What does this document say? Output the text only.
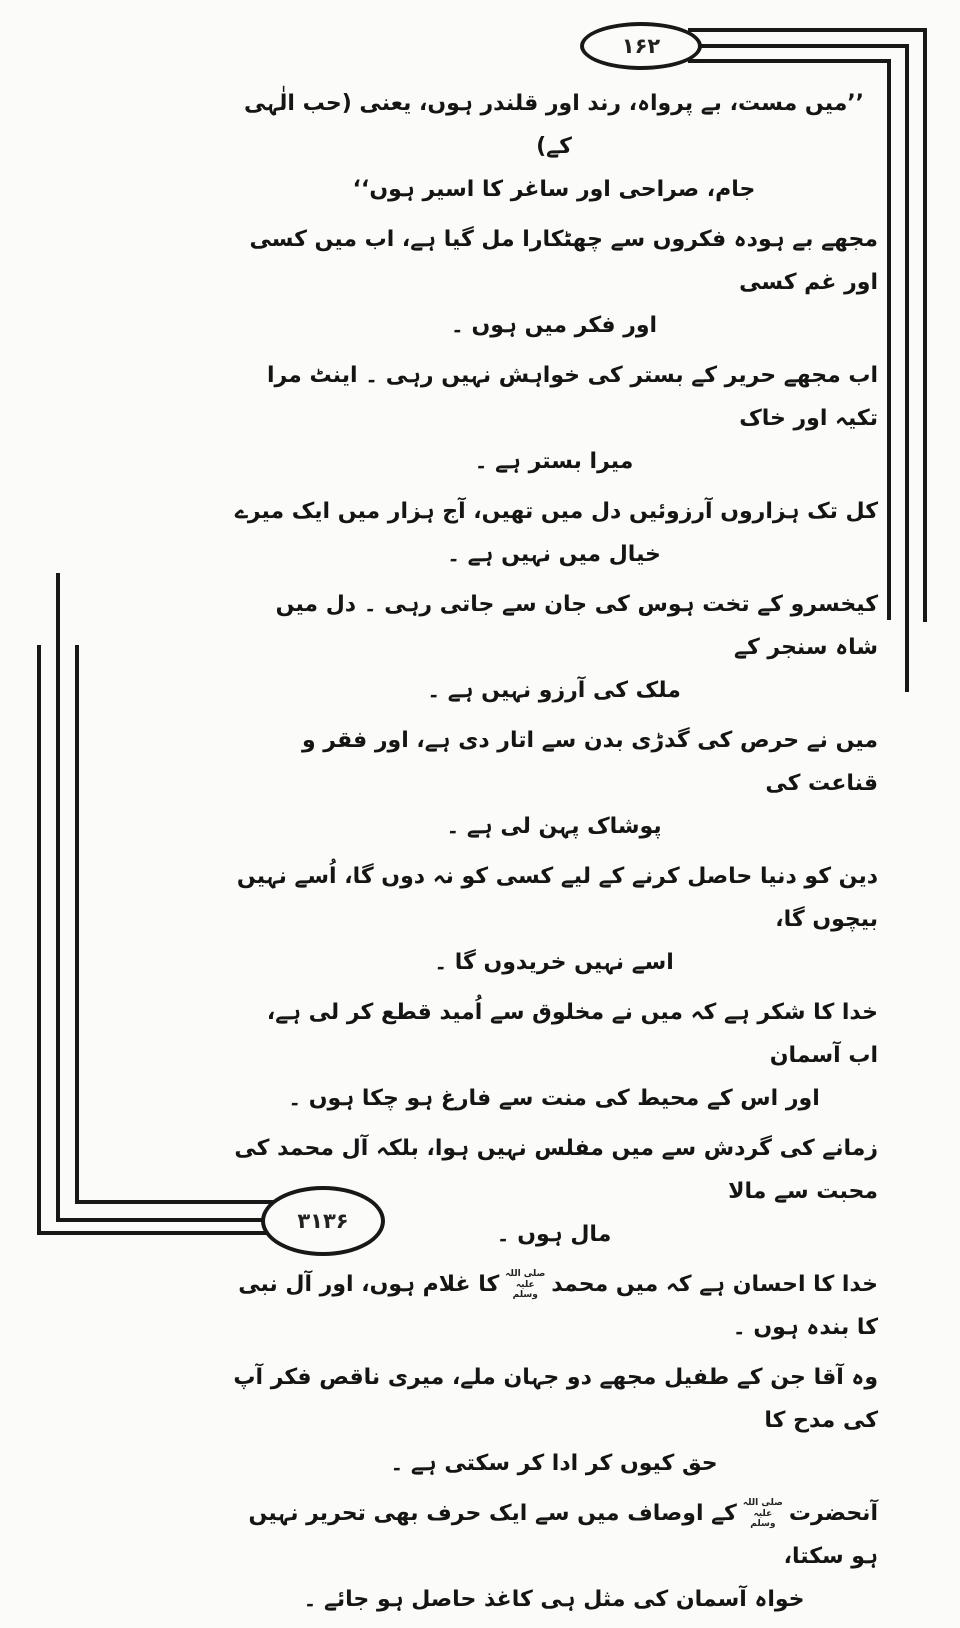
۱۶۲
۳۱۳۶
’’میں مست، بے پرواہ، رند اور قلندر ہوں، یعنی (حب الٰہی کے)
جام، صراحی اور ساغر کا اسیر ہوں‘‘
مجھے بے ہودہ فکروں سے چھٹکارا مل گیا ہے، اب میں کسی اور غم کسی
اور فکر میں ہوں ۔
اب مجھے حریر کے بستر کی خواہش نہیں رہی ۔ اینٹ مرا تکیہ اور خاک
میرا بستر ہے ۔
کل تک ہزاروں آرزوئیں دل میں تھیں، آج ہزار میں ایک میرے
خیال میں نہیں ہے ۔
کیخسرو کے تخت ہوس کی جان سے جاتی رہی ۔ دل میں شاہ سنجر کے
ملک کی آرزو نہیں ہے ۔
میں نے حرص کی گدڑی بدن سے اتار دی ہے، اور فقر و قناعت کی
پوشاک پہن لی ہے ۔
دین کو دنیا حاصل کرنے کے لیے کسی کو نہ دوں گا، اُسے نہیں بیچوں گا،
اسے نہیں خریدوں گا ۔
خدا کا شکر ہے کہ میں نے مخلوق سے اُمید قطع کر لی ہے، اب آسمان
اور اس کے محیط کی منت سے فارغ ہو چکا ہوں ۔
زمانے کی گردش سے میں مفلس نہیں ہوا، بلکہ آل محمد کی محبت سے مالا
مال ہوں ۔
خدا کا احسان ہے کہ میں محمدصلی اللہ علیہ وسلمکا غلام ہوں، اور آل نبی کا بندہ ہوں ۔
وہ آقا جن کے طفیل مجھے دو جہان ملے، میری ناقص فکر آپ کی مدح کا
حق کیوں کر ادا کر سکتی ہے ۔
آنحضرتصلی اللہ علیہ وسلمکے اوصاف میں سے ایک حرف بھی تحریر نہیں ہو سکتا،
خواہ آسمان کی مثل ہی کاغذ حاصل ہو جائے ۔
